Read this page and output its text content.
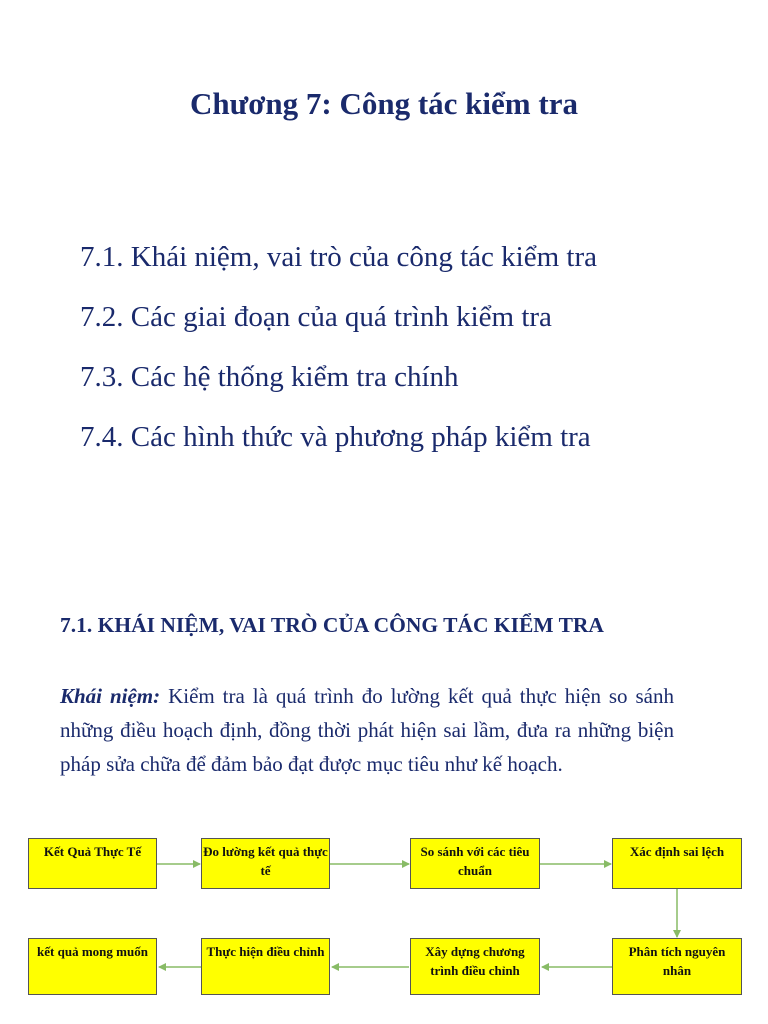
Chương 7: Công tác kiểm tra
7.1. Khái niệm, vai trò của công tác kiểm tra
7.2. Các giai đoạn của quá trình kiểm tra
7.3. Các hệ thống kiểm tra chính
7.4. Các hình thức và phương pháp kiểm tra
7.1. KHÁI NIỆM, VAI TRÒ CỦA CÔNG TÁC KIỂM TRA

Khái niệm: Kiểm tra là quá trình đo lường kết quả thực hiện so sánh những điều hoạch định, đồng thời phát hiện sai lầm, đưa ra những biện pháp sửa chữa để đảm bảo đạt được mục tiêu như kế hoạch.

Kết Quả Thực Tế	Đo lường kết quả thực tế
So sánh với các tiêu chuẩn
Xác định sai lệch
kết quả mong muốn	Thực hiện điều chỉnh	Xây dựng chương trình điều chỉnh
Phân tích nguyên nhân
